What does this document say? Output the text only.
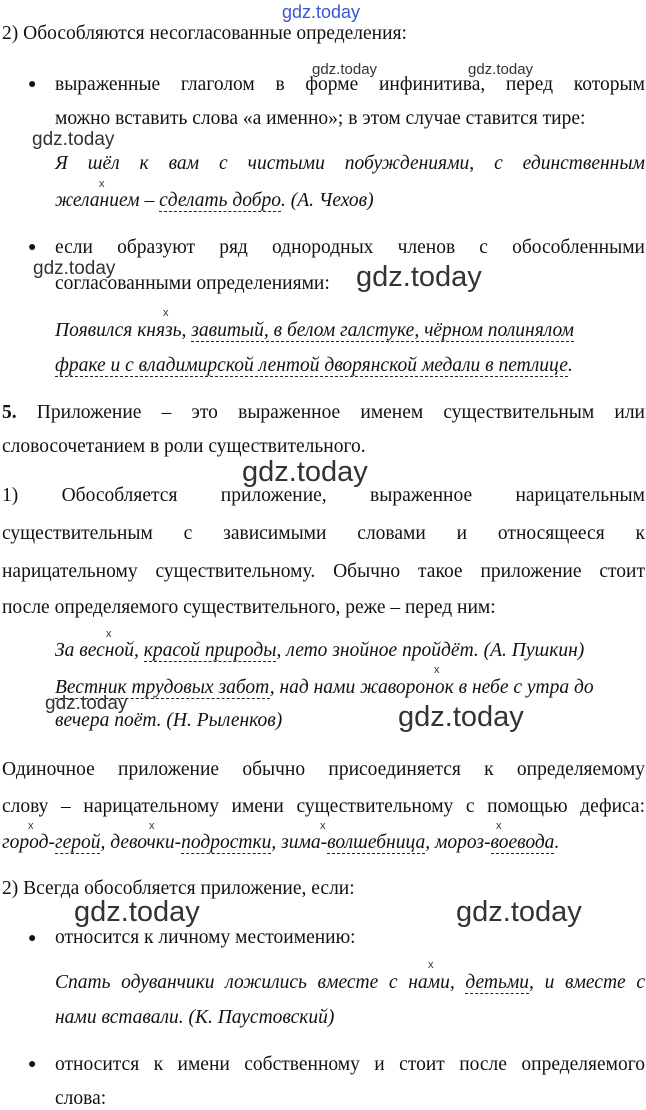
gdz.today
2) Обособляются несогласованные определения:
● выраженные глаголом в форме инфинитива, перед которым
можно вставить слова «а именно»; в этом случае ставится тире:
Я шёл к вам с чистыми побуждениями, с единственным
x
желанием – сделать добро. (А. Чехов)
● если образуют ряд однородных членов с обособленными
согласованными определениями:
x
Появился князь, завитый, в белом галстуке, чёрном полинялом
фраке и с владимирской лентой дворянской медали в петлице.
5. Приложение – это выраженное именем существительным или
словосочетанием в роли существительного.
1) Обособляется приложение, выраженное нарицательным
существительным с зависимыми словами и относящееся к
нарицательному существительному. Обычно такое приложение стоит
после определяемого существительного, реже – перед ним:
x
За весной, красой природы, лето знойное пройдёт. (А. Пушкин)
x
Вестник трудовых забот, над нами жаворонок в небе с утра до
вечера поёт. (Н. Рыленков)
Одиночное приложение обычно присоединяется к определяемому
слову – нарицательному имени существительному с помощью дефиса:
x	x	x	x
город-герой, девочки-подростки, зима-волшебница, мороз-воевода.
2) Всегда обособляется приложение, если:
● относится к личному местоимению:
x
Спать одуванчики ложились вместе с нами, детьми, и вместе с
нами вставали. (К. Паустовский)
● относится к имени собственному и стоит после определяемого
слова:
gdz.today	gdz.today
gdz.today
gdz.today	gdz.today
gdz.today
gdz.today	gdz.today
gdz.today	gdz.today
